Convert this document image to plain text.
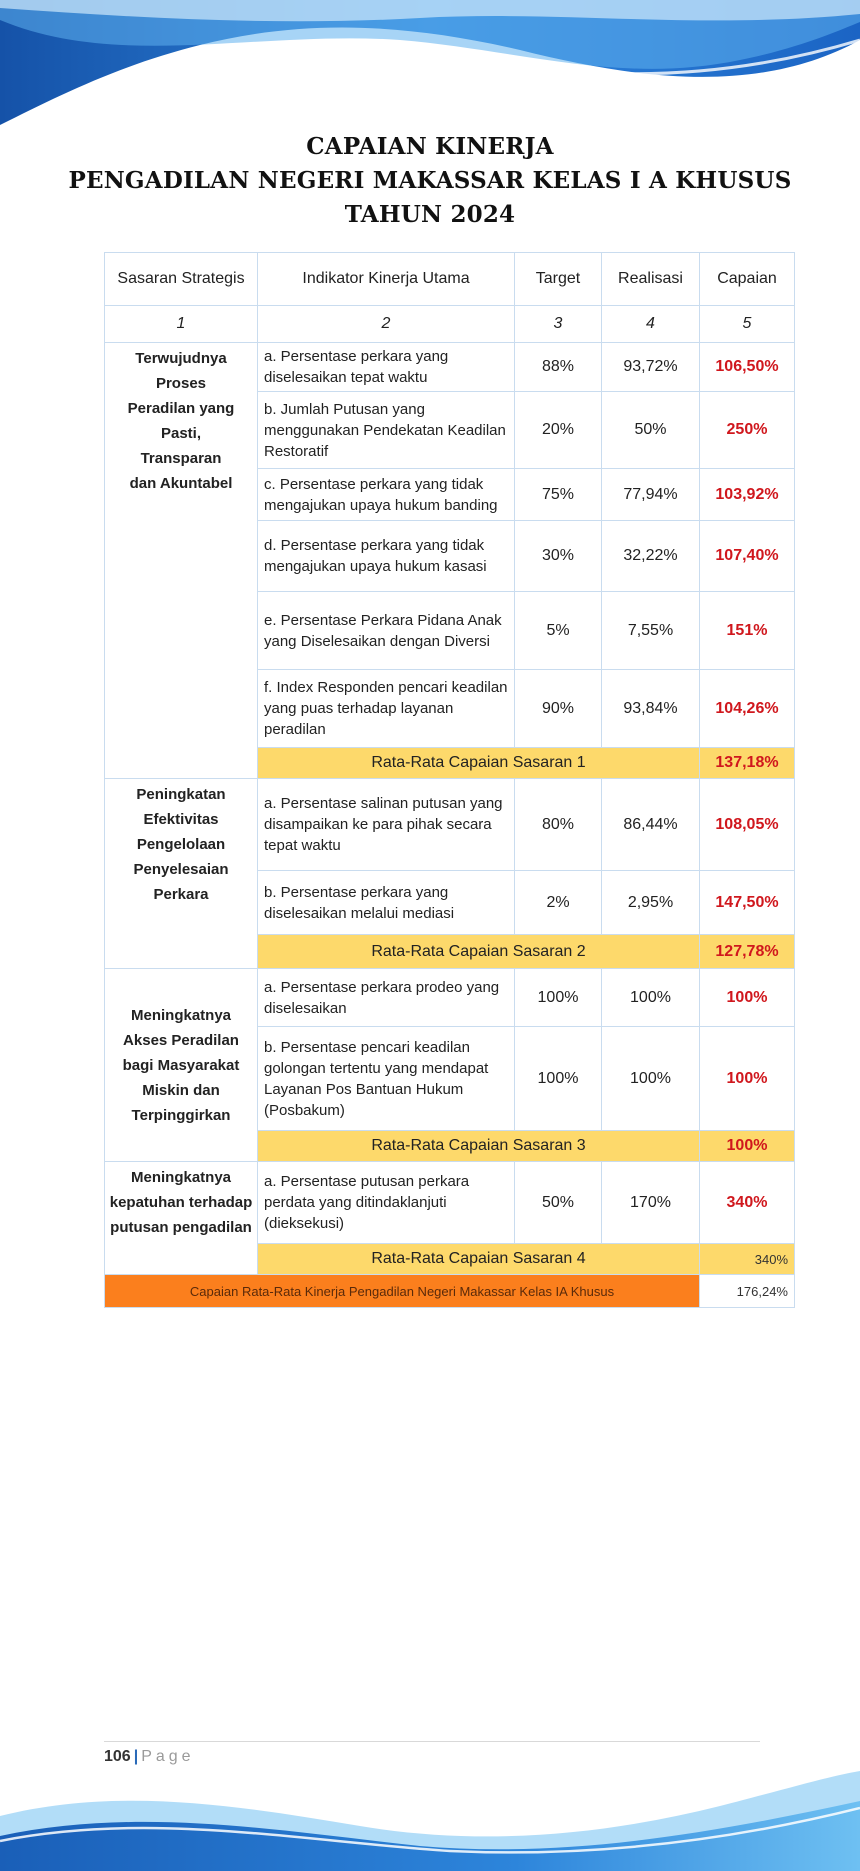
CAPAIAN KINERJA
PENGADILAN NEGERI MAKASSAR KELAS I A KHUSUS
TAHUN 2024
Sasaran Strategis	Indikator Kinerja Utama	Target	Realisasi	Capaian
1	2	3	4	5
Terwujudnya Proses Peradilan yang Pasti, Transparan dan Akuntabel	a. Persentase perkara yang diselesaikan tepat waktu	88%	93,72%	106,50%
	b. Jumlah Putusan yang menggunakan Pendekatan Keadilan Restoratif	20%	50%	250%
	c. Persentase perkara yang tidak mengajukan upaya hukum banding	75%	77,94%	103,92%
	d. Persentase perkara yang tidak mengajukan upaya hukum kasasi	30%	32,22%	107,40%
	e. Persentase Perkara Pidana Anak yang Diselesaikan dengan Diversi	5%	7,55%	151%
	f. Index Responden pencari keadilan yang puas terhadap layanan peradilan	90%	93,84%	104,26%
	Rata-Rata Capaian Sasaran 1			137,18%
Peningkatan Efektivitas Pengelolaan Penyelesaian Perkara	a. Persentase salinan putusan yang disampaikan ke para pihak secara tepat waktu	80%	86,44%	108,05%
	b. Persentase perkara yang diselesaikan melalui mediasi	2%	2,95%	147,50%
	Rata-Rata Capaian Sasaran 2			127,78%
Meningkatnya Akses Peradilan bagi Masyarakat Miskin dan Terpinggirkan	a. Persentase perkara prodeo yang diselesaikan	100%	100%	100%
	b. Persentase pencari keadilan golongan tertentu yang mendapat Layanan Pos Bantuan Hukum (Posbakum)	100%	100%	100%
	Rata-Rata Capaian Sasaran 3			100%
Meningkatnya kepatuhan terhadap putusan pengadilan	a. Persentase putusan perkara perdata yang ditindaklanjuti (dieksekusi)	50%	170%	340%
	Rata-Rata Capaian Sasaran 4			340%
Capaian Rata-Rata Kinerja Pengadilan Negeri Makassar Kelas IA Khusus				176,24%
106 | Page
